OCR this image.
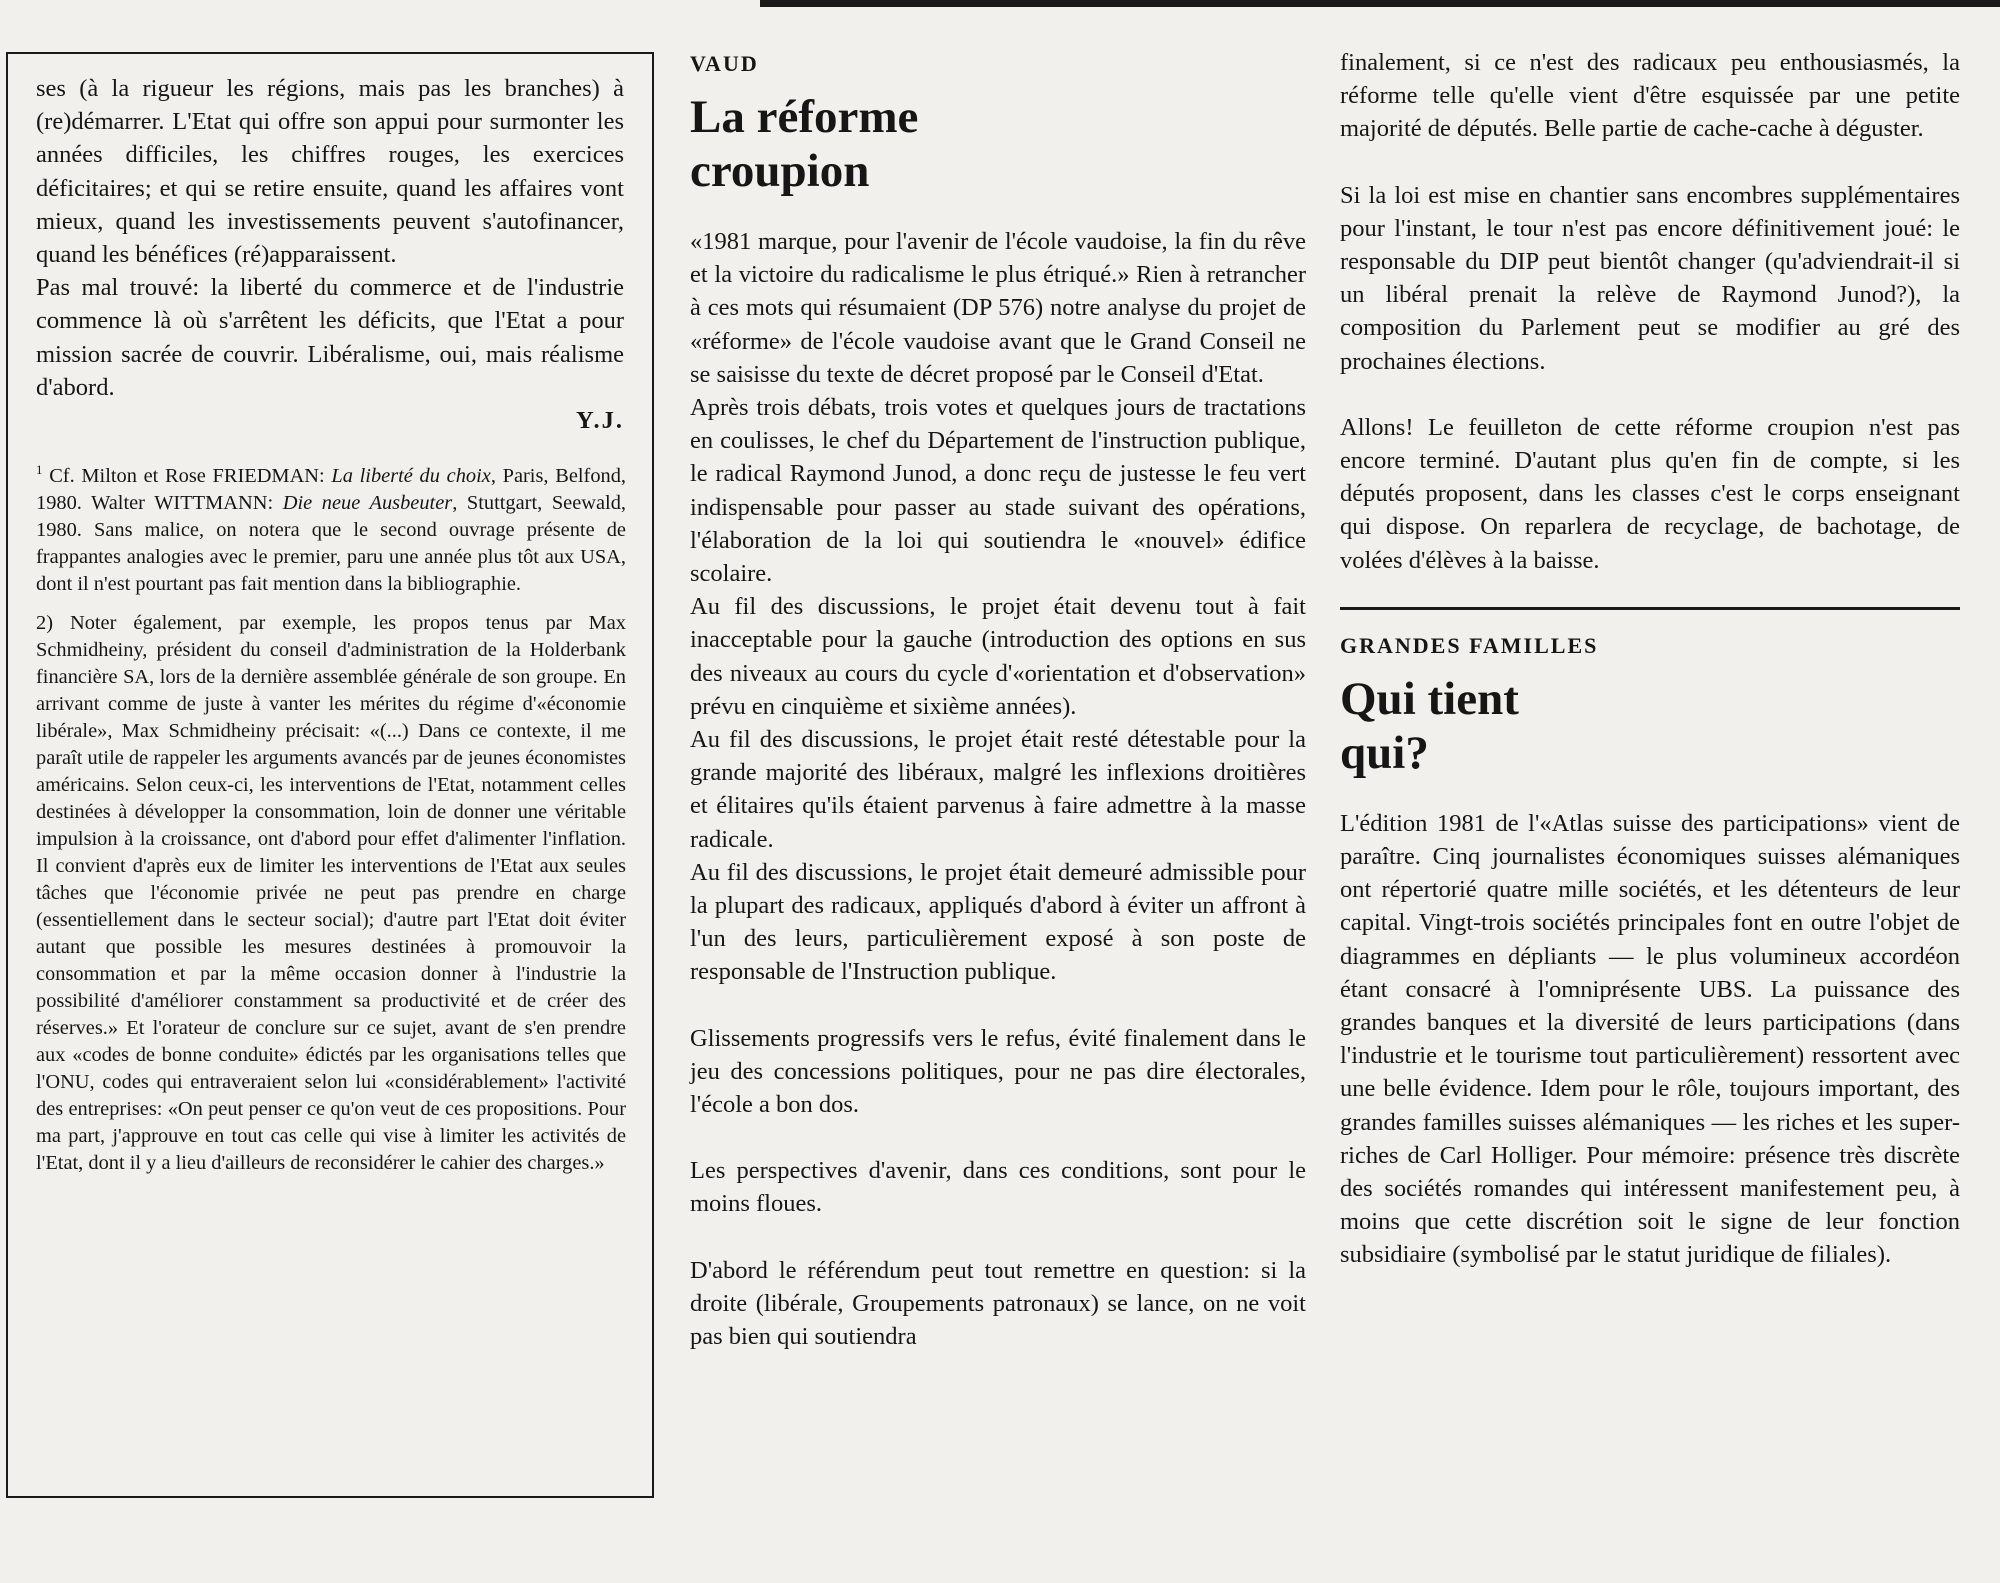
ses (à la rigueur les régions, mais pas les branches) à (re)démarrer. L'Etat qui offre son appui pour surmonter les années difficiles, les chiffres rouges, les exercices déficitaires; et qui se retire ensuite, quand les affaires vont mieux, quand les investissements peuvent s'autofinancer, quand les bénéfices (ré)apparaissent.

Pas mal trouvé: la liberté du commerce et de l'industrie commence là où s'arrêtent les déficits, que l'Etat a pour mission sacrée de couvrir. Libéralisme, oui, mais réalisme d'abord.

Y.J.

$^1$ Cf. Milton et Rose FRIEDMAN: La liberté du choix, Paris, Belfond, 1980. Walter WITTMANN: Die neue Ausbeuter, Stuttgart, Seewald, 1980. Sans malice, on notera que le second ouvrage présente de frappantes analogies avec le premier, paru une année plus tôt aux USA, dont il n'est pourtant pas fait mention dans la bibliographie.

2) Noter également, par exemple, les propos tenus par Max Schmidheiny, président du conseil d'administration de la Holderbank financière SA, lors de la dernière assemblée générale de son groupe. En arrivant comme de juste à vanter les mérites du régime d'«économie libérale», Max Schmidheiny précisait: «(...) Dans ce contexte, il me paraît utile de rappeler les arguments avancés par de jeunes économistes américains. Selon ceux-ci, les interventions de l'Etat, notamment celles destinées à développer la consommation, loin de donner une véritable impulsion à la croissance, ont d'abord pour effet d'alimenter l'inflation. Il convient d'après eux de limiter les interventions de l'Etat aux seules tâches que l'économie privée ne peut pas prendre en charge (essentiellement dans le secteur social); d'autre part l'Etat doit éviter autant que possible les mesures destinées à promouvoir la consommation et par la même occasion donner à l'industrie la possibilité d'améliorer constamment sa productivité et de créer des réserves.» Et l'orateur de conclure sur ce sujet, avant de s'en prendre aux «codes de bonne conduite» édictés par les organisations telles que l'ONU, codes qui entraveraient selon lui «considérablement» l'activité des entreprises: «On peut penser ce qu'on veut de ces propositions. Pour ma part, j'approuve en tout cas celle qui vise à limiter les activités de l'Etat, dont il y a lieu d'ailleurs de reconsidérer le cahier des charges.»

VAUD
La réforme
croupion

«1981 marque, pour l'avenir de l'école vaudoise, la fin du rêve et la victoire du radicalisme le plus étriqué.» Rien à retrancher à ces mots qui résumaient (DP 576) notre analyse du projet de «réforme» de l'école vaudoise avant que le Grand Conseil ne se saisisse du texte de décret proposé par le Conseil d'Etat.

Après trois débats, trois votes et quelques jours de tractations en coulisses, le chef du Département de l'instruction publique, le radical Raymond Junod, a donc reçu de justesse le feu vert indispensable pour passer au stade suivant des opérations, l'élaboration de la loi qui soutiendra le «nouvel» édifice scolaire.

Au fil des discussions, le projet était devenu tout à fait inacceptable pour la gauche (introduction des options en sus des niveaux au cours du cycle d'«orientation et d'observation» prévu en cinquième et sixième années).

Au fil des discussions, le projet était resté détestable pour la grande majorité des libéraux, malgré les inflexions droitières et élitaires qu'ils étaient parvenus à faire admettre à la masse radicale.

Au fil des discussions, le projet était demeuré admissible pour la plupart des radicaux, appliqués d'abord à éviter un affront à l'un des leurs, particulièrement exposé à son poste de responsable de l'Instruction publique.

Glissements progressifs vers le refus, évité finalement dans le jeu des concessions politiques, pour ne pas dire électorales, l'école a bon dos.

Les perspectives d'avenir, dans ces conditions, sont pour le moins floues.

D'abord le référendum peut tout remettre en question: si la droite (libérale, Groupements patronaux) se lance, on ne voit pas bien qui soutiendra

finalement, si ce n'est des radicaux peu enthousiasmés, la réforme telle qu'elle vient d'être esquissée par une petite majorité de députés. Belle partie de cache-cache à déguster.

Si la loi est mise en chantier sans encombres supplémentaires pour l'instant, le tour n'est pas encore définitivement joué: le responsable du DIP peut bientôt changer (qu'adviendrait-il si un libéral prenait la relève de Raymond Junod?), la composition du Parlement peut se modifier au gré des prochaines élections.

Allons! Le feuilleton de cette réforme croupion n'est pas encore terminé. D'autant plus qu'en fin de compte, si les députés proposent, dans les classes c'est le corps enseignant qui dispose. On reparlera de recyclage, de bachotage, de volées d'élèves à la baisse.

GRANDES FAMILLES
Qui tient
qui?

L'édition 1981 de l'«Atlas suisse des participations» vient de paraître. Cinq journalistes économiques suisses alémaniques ont répertorié quatre mille sociétés, et les détenteurs de leur capital. Vingt-trois sociétés principales font en outre l'objet de diagrammes en dépliants — le plus volumineux accordéon étant consacré à l'omniprésente UBS. La puissance des grandes banques et la diversité de leurs participations (dans l'industrie et le tourisme tout particulièrement) ressortent avec une belle évidence. Idem pour le rôle, toujours important, des grandes familles suisses alémaniques — les riches et les super-riches de Carl Holliger. Pour mémoire: présence très discrète des sociétés romandes qui intéressent manifestement peu, à moins que cette discrétion soit le signe de leur fonction subsidiaire (symbolisé par le statut juridique de filiales).
